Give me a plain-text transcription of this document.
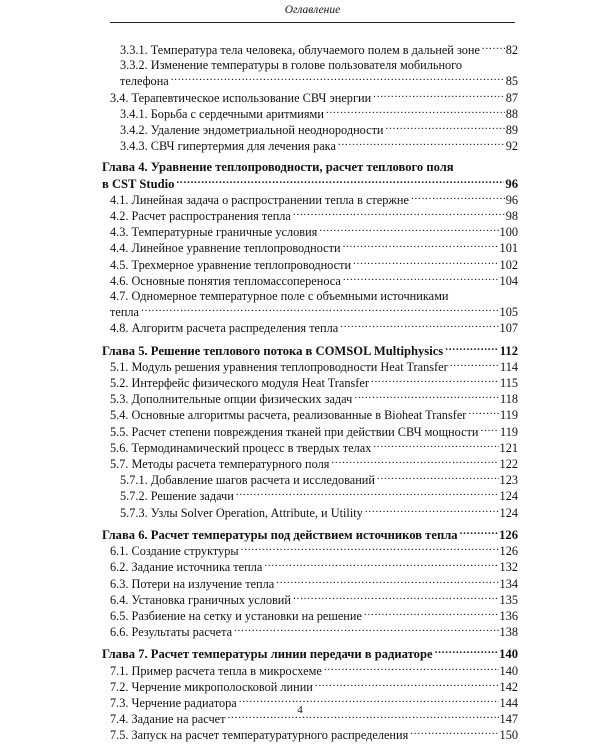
Оглавление
3.3.1. Температура тела человека, облучаемого полем в дальней зоне ..... 82
3.3.2. Изменение температуры в голове пользователя мобильного
телефона .....	85
3.4. Терапевтическое использование СВЧ энергии .....	87
3.4.1. Борьба с сердечными аритмиями .....	88
3.4.2. Удаление эндометриальной неоднородности .....	89
3.4.3. СВЧ гипертермия для лечения рака .....	92
Глава 4. Уравнение теплопроводности, расчет теплового поля
в CST Studio .....	96
4.1. Линейная задача о распространении тепла в стержне .....	96
4.2. Расчет распространения тепла .....	98
4.3. Температурные граничные условия .....	100
4.4. Линейное уравнение теплопроводности .....	101
4.5. Трехмерное уравнение теплопроводности .....	102
4.6. Основные понятия тепломассопереноса .....	104
4.7. Одномерное температурное поле с объемными источниками
тепла .....	105
4.8. Алгоритм расчета распределения тепла .....	107
Глава 5. Решение теплового потока в COMSOL Multiphysics .....	112
5.1. Модуль решения уравнения теплопроводности Heat Transfer .....	114
5.2. Интерфейс физического модуля Heat Transfer .....	115
5.3. Дополнительные опции физических задач .....	118
5.4. Основные алгоритмы расчета, реализованные в Bioheat Transfer .....	119
5.5. Расчет степени повреждения тканей при действии СВЧ мощности ..... 119
5.6. Термодинамический процесс в твердых телах .....	121
5.7. Методы расчета температурного поля .....	122
5.7.1. Добавление шагов расчета и исследований .....	123
5.7.2. Решение задачи .....	124
5.7.3. Узлы Solver Operation, Attribute, и Utility .....	124
Глава 6. Расчет температуры под действием источников тепла .....	126
6.1. Создание структуры .....	126
6.2. Задание источника тепла .....	132
6.3. Потери на излучение тепла .....	134
6.4. Установка граничных условий .....	135
6.5. Разбиение на сетку и установки на решение .....	136
6.6. Результаты расчета .....	138
Глава 7. Расчет температуры линии передачи в радиаторе .....	140
7.1. Пример расчета тепла в микросхеме .....	140
7.2. Черчение микрополосковой линии .....	142
7.3. Черчение радиатора .....	144
7.4. Задание на расчет .....	147
7.5. Запуск на расчет температуратурного распределения .....	150
4
